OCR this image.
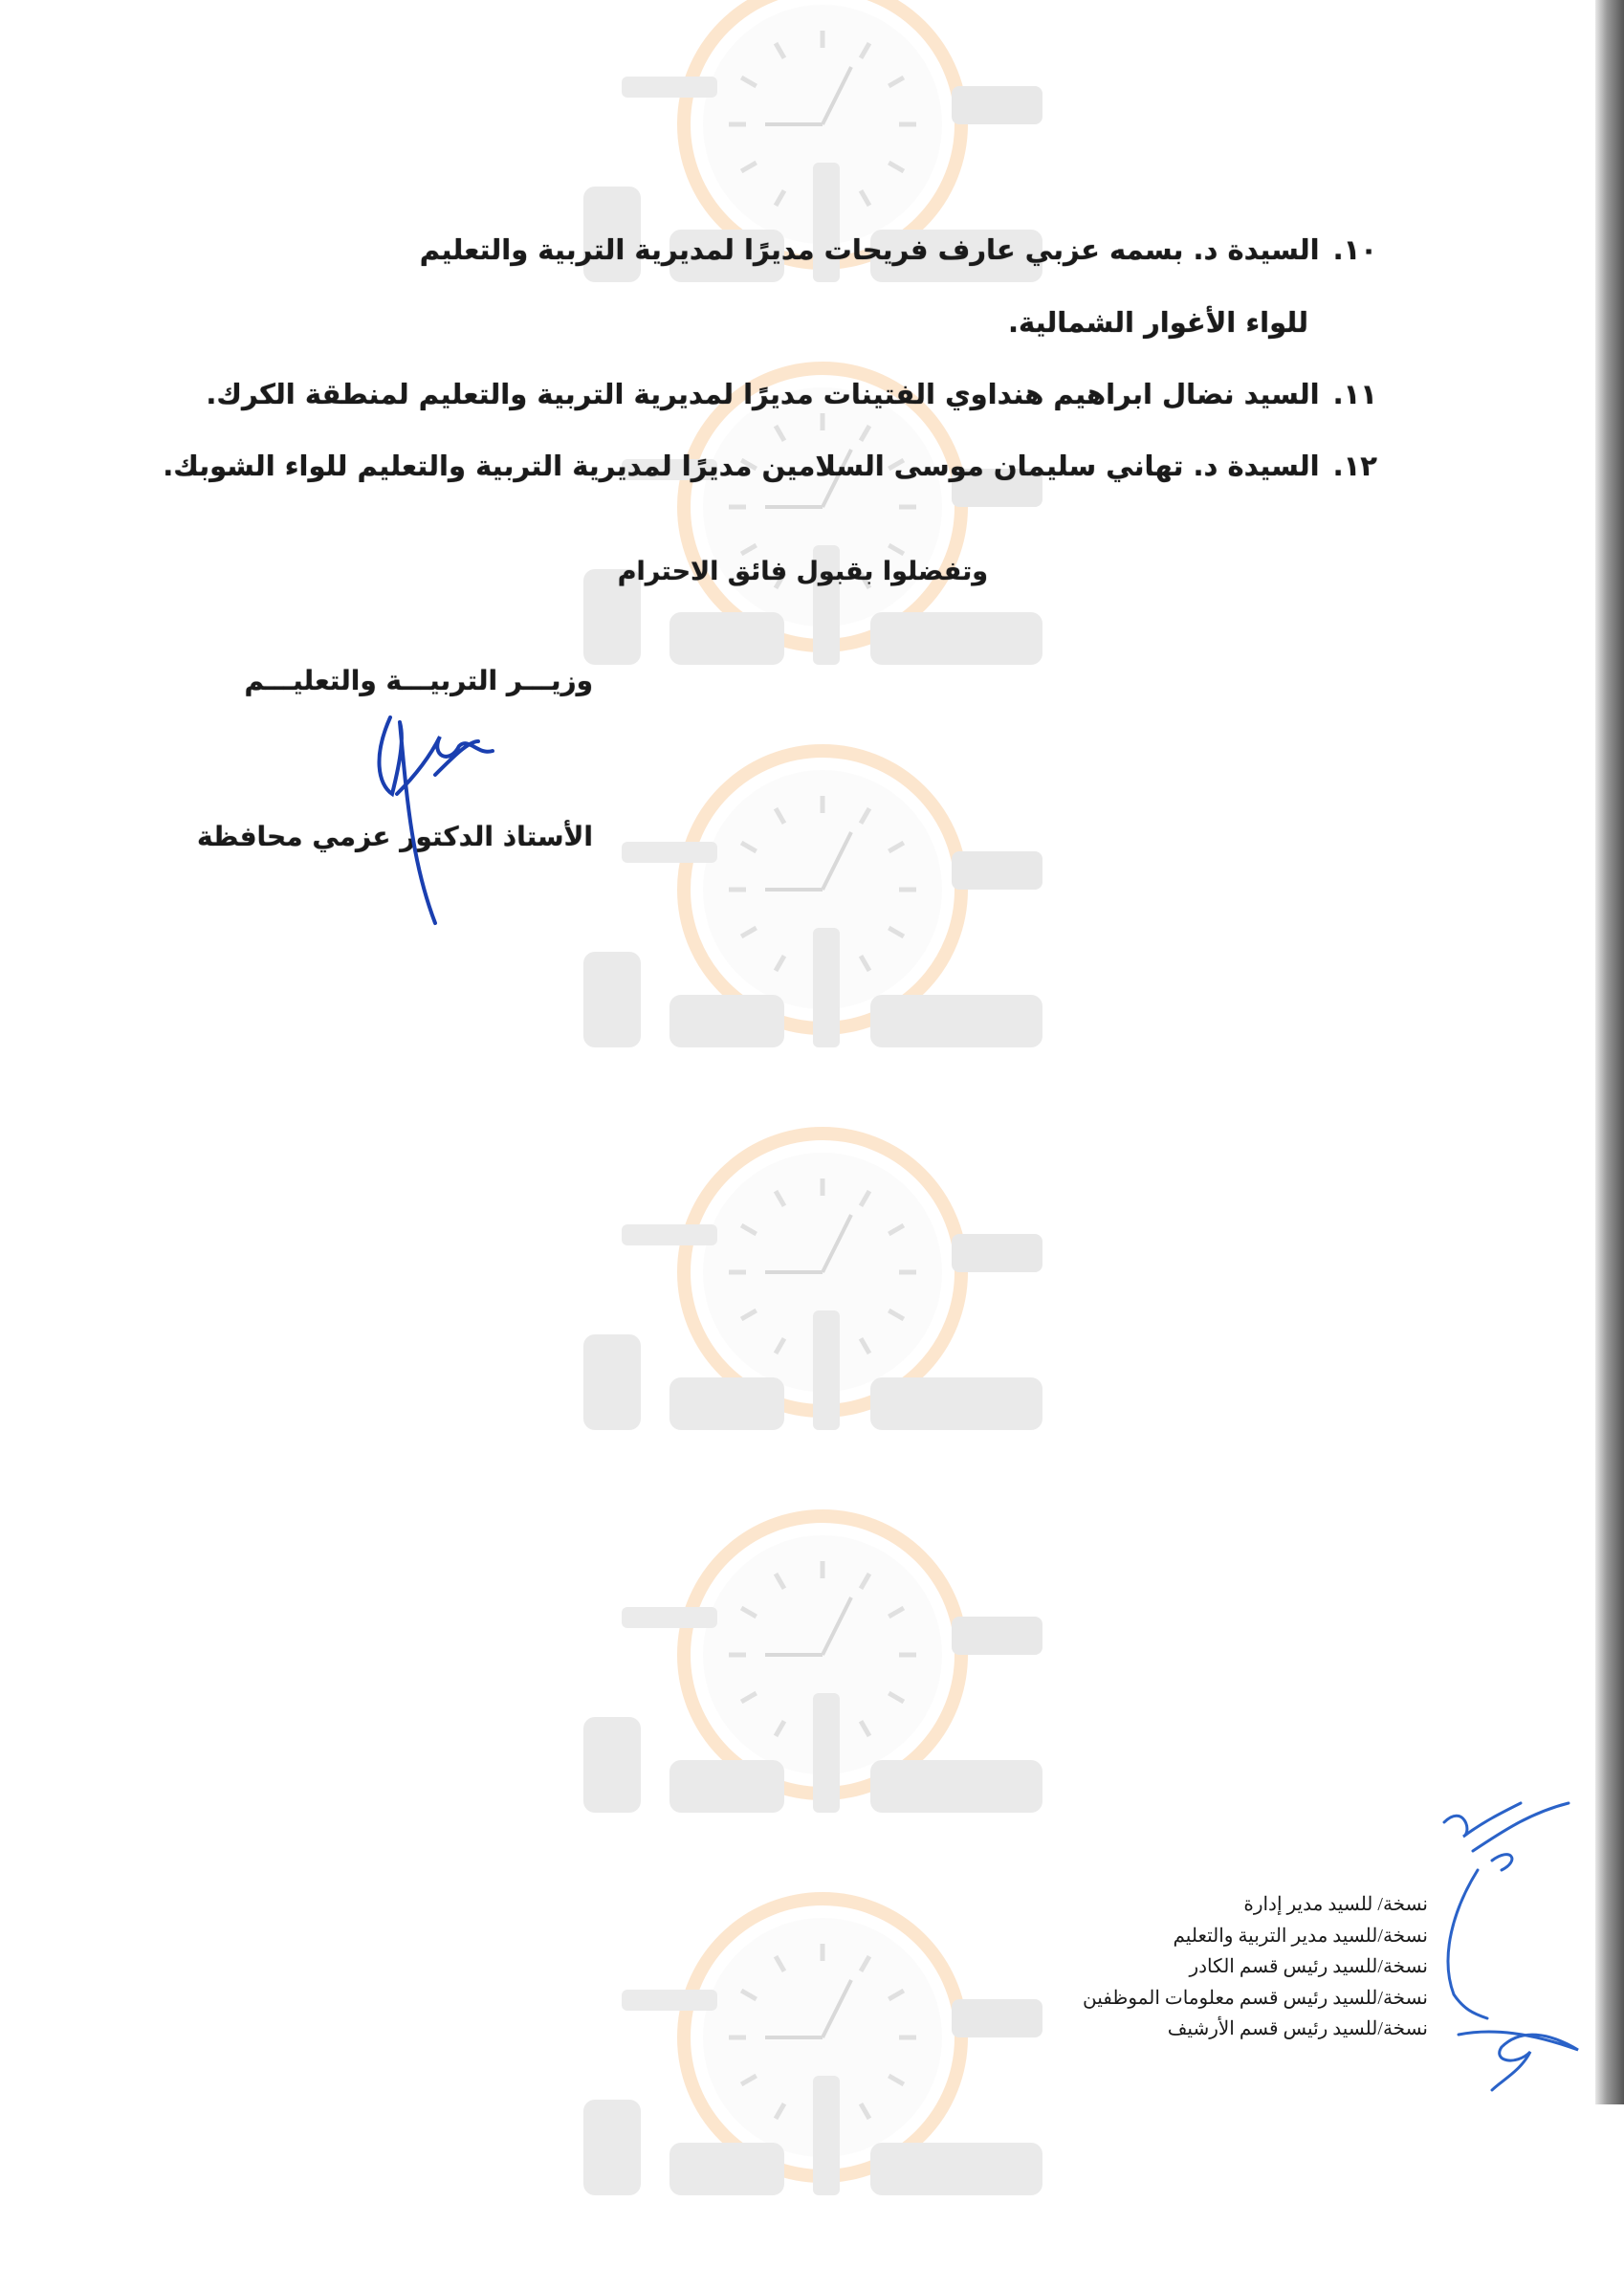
١٠.السيدة د. بسمه عزبي عارف فريحات مديرًا لمديرية التربية والتعليم
للواء الأغوار الشمالية.
١١.السيد نضال ابراهيم هنداوي الفتينات مديرًا لمديرية التربية والتعليم لمنطقة الكرك.
١٢.السيدة د. تهاني سليمان موسى السلامين مديرًا لمديرية التربية والتعليم للواء الشوبك.
وتفضلوا بقبول فائق الاحترام
وزيـــر التربيـــة والتعليـــم
الأستاذ الدكتور عزمي محافظة
نسخة/ للسيد مدير إدارة
نسخة/للسيد مدير التربية والتعليم
نسخة/للسيد رئيس قسم الكادر
نسخة/للسيد رئيس قسم معلومات الموظفين
نسخة/للسيد رئيس قسم الأرشيف
